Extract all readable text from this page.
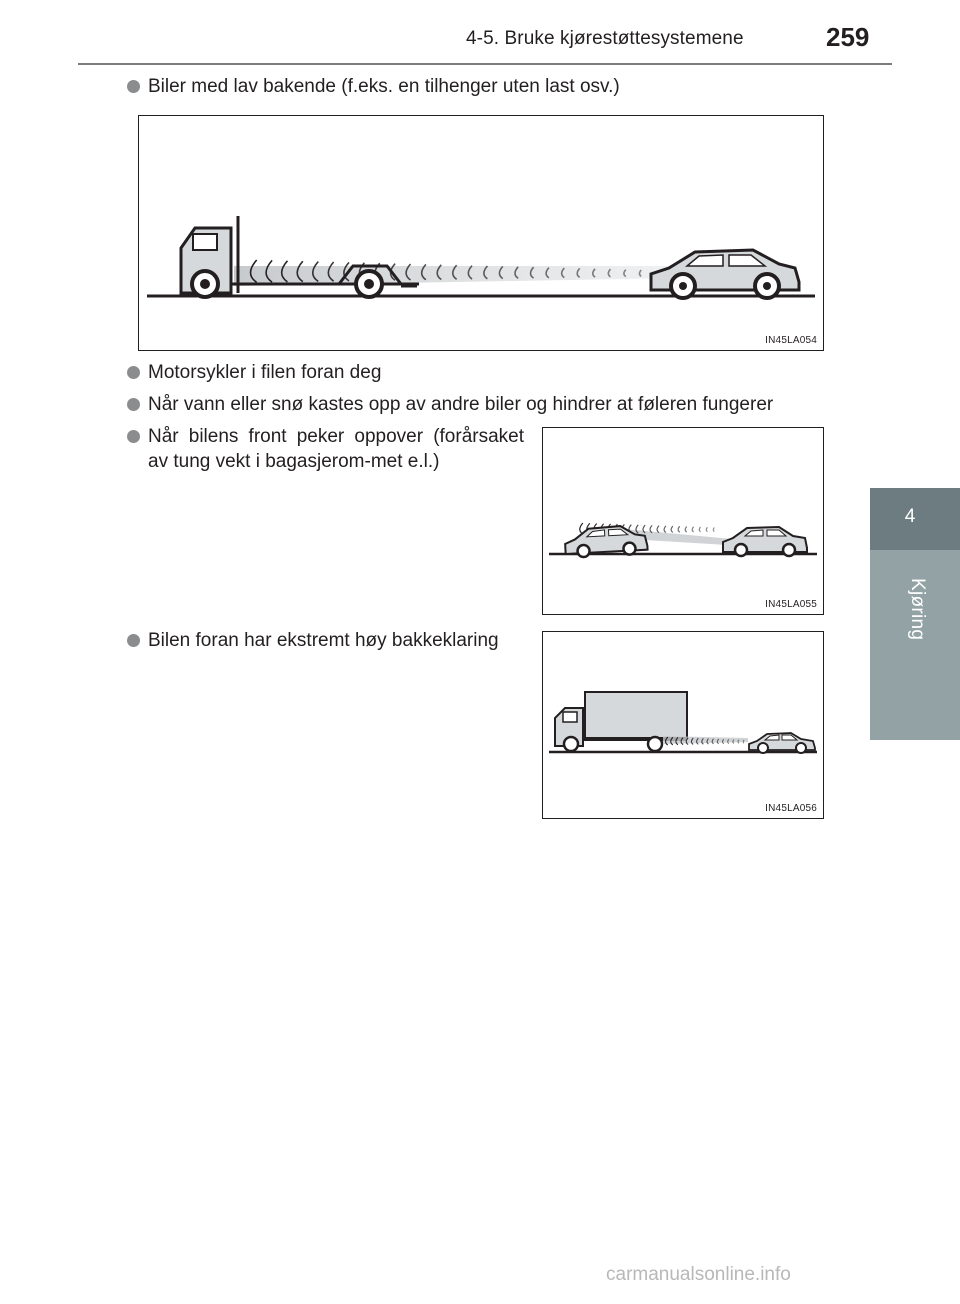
4-5. Bruke kjørestøttesystemene	259
4
Kjøring
Biler med lav bakende (f.eks. en tilhenger uten last osv.)
IN45LA054
Motorsykler i filen foran deg
Når vann eller snø kastes opp av andre biler og hindrer at føleren fungerer
Når bilens front peker oppover (forårsaket av tung vekt i bagasjerom-met e.l.)
IN45LA055
Bilen foran har ekstremt høy bakkeklaring
IN45LA056
carmanualsonline.info
